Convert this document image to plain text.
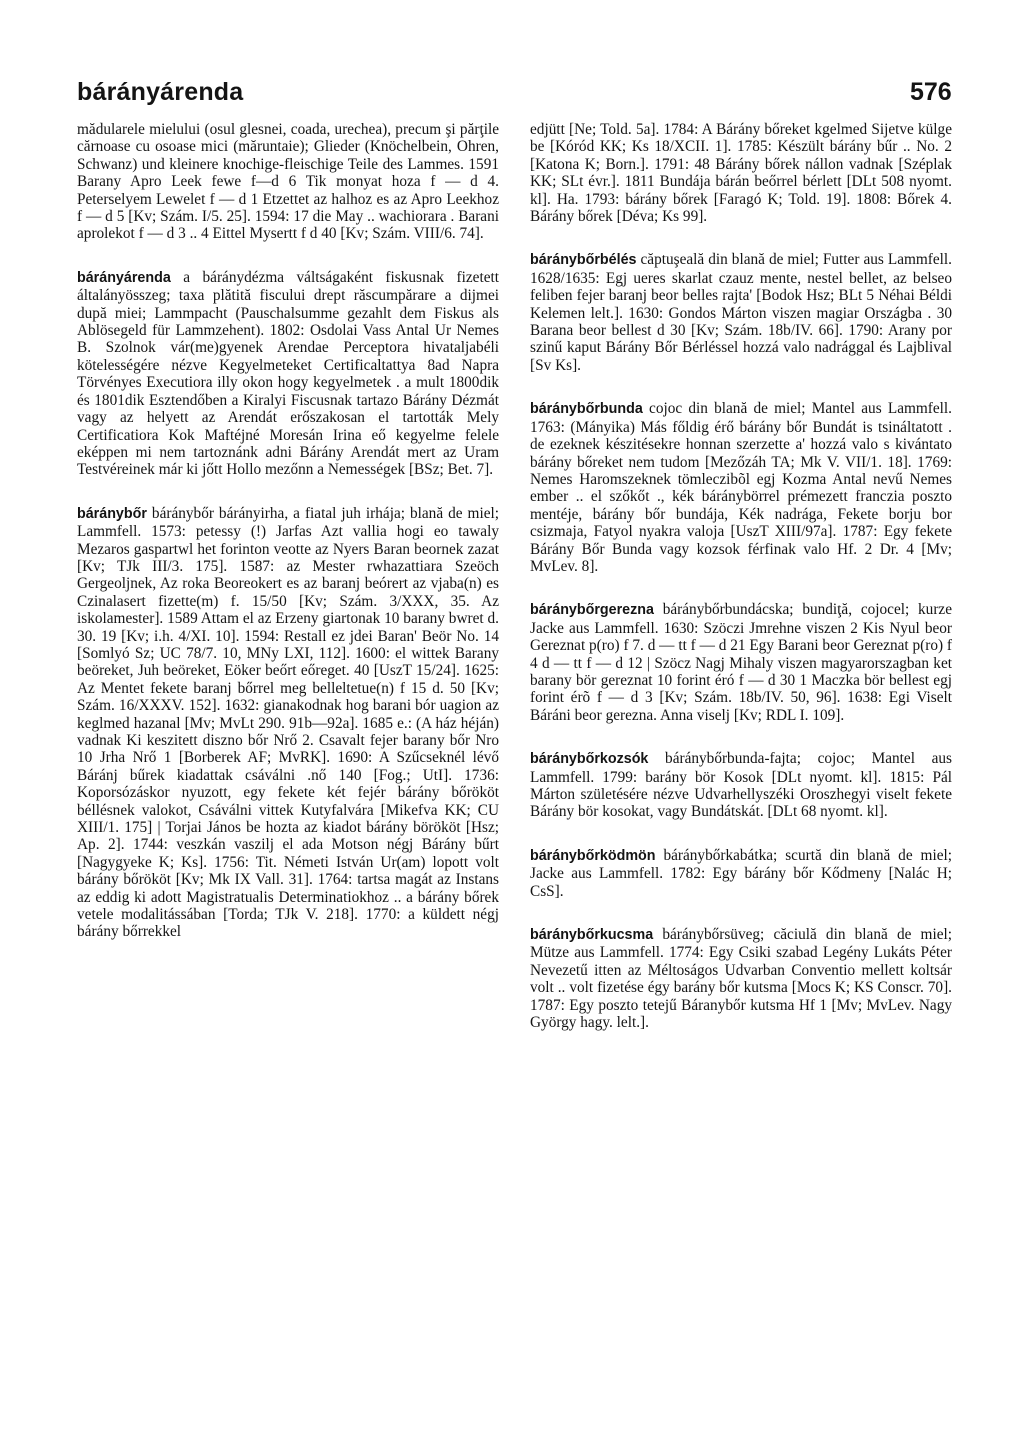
bárányárenda	576

mădularele mielului (osul glesnei, coada, urechea), precum şi părţile cărnoase cu osoase mici (măruntaie); Glieder (Knöchelbein, Ohren, Schwanz) und kleinere knochige-fleischige Teile des Lammes. 1591 Barany Apro Leek fewe f—d 6 Tik monyat hoza f — d 4. Peterselyem Lewelet f — d 1 Etzettet az halhoz es az Apro Leekhoz f — d 5 [Kv; Szám. I/5. 25]. 1594: 17 die May .. wachiorara . Barani aprolekot f — d 3 .. 4 Eittel Mysertt f d 40 [Kv; Szám. VIII/6. 74].

bárányárenda a báránydézma váltságaként fiskusnak fizetett általányösszeg; taxa plătită fiscului drept răscumpărare a dijmei după miei; Lammpacht (Pauschalsumme gezahlt dem Fiskus als Ablösegeld für Lammzehent). 1802: Osdolai Vass Antal Ur Nemes B. Szolnok vár(me)gyenek Arendae Perceptora hivataljabéli kötelességére nézve Kegyelmeteket Certificaltattya 8ad Napra Törvényes Executiora illy okon hogy kegyelmetek . a mult 1800dik és 1801dik Esztendőben a Kiralyi Fiscusnak tartazo Bárány Dézmát vagy az helyett az Arendát erőszakosan el tartották Mely Certificatiora Kok Maftéjné Moresán Irina eő kegyelme felele eképpen mi nem tartoznánk adni Bárány Arendát mert az Uram Testvéreinek már ki jőtt Hollo mezőnn a Nemességek [BSz; Bet. 7].

báránybőr báránybőr bárányirha, a fiatal juh irhája; blană de miel; Lammfell. 1573: petessy (!) Jarfas Azt vallia hogi eo tawaly Mezaros gaspartwl het forinton veotte az Nyers Baran beornek zazat [Kv; TJk III/3. 175]. 1587: az Mester rwhazattiara Szeöch Gergeoljnek, Az roka Beoreokert es az baranj beórert az vjaba(n) es Czinalasert fizette(m) f. 15/50 [Kv; Szám. 3/XXX, 35. Az iskolamester]. 1589 Attam el az Erzeny giartonak 10 barany bwret d. 30. 19 [Kv; i.h. 4/XI. 10]. 1594: Restall ez jdei Baran' Beör No. 14 [Somlyó Sz; UC 78/7. 10, MNy LXI, 112]. 1600: el wittek Barany beöreket, Juh beöreket, Eöker beőrt eőreget. 40 [UszT 15/24]. 1625: Az Mentet fekete baranj bőrrel meg belleltetue(n) f 15 d. 50 [Kv; Szám. 16/XXXV. 152]. 1632: gianakodnak hog barani bór uagion az keglmed hazanal [Mv; MvLt 290. 91b—92a]. 1685 e.: (A ház héján) vadnak Ki keszitett diszno bőr Nrő 2. Csavalt fejer barany bőr Nro 10 Jrha Nrő 1 [Borberek AF; MvRK]. 1690: A Szűcseknél lévő Báránj bűrek kiadattak csáválni .nő 140 [Fog.; UtI]. 1736: Koporsózáskor nyuzott, egy fekete két fejér bárány bőrököt béllésnek valokot, Csáválni vittek Kutyfalvára [Mikefva KK; CU XIII/1. 175] | Torjai János be hozta az kiadot bárány börököt [Hsz; Ap. 2]. 1744: veszkán vaszilj el ada Motson négj Bárány bűrt [Nagygyeke K; Ks]. 1756: Tit. Németi István Ur(am) lopott volt bárány bőrököt [Kv; Mk IX Vall. 31]. 1764: tartsa magát az Instans az eddig ki adott Magistratualis Determinatiokhoz .. a bárány bőrek vetele modalitássában [Torda; TJk V. 218]. 1770: a küldett négj bárány bőrrekkel

edjütt [Ne; Told. 5a]. 1784: A Bárány bőreket kgelmed Sijetve külge be [Kóród KK; Ks 18/XCII. 1]. 1785: Készült bárány bűr .. No. 2 [Katona K; Born.]. 1791: 48 Bárány bőrek nállon vadnak [Széplak KK; SLt évr.]. 1811 Bundája bárán beőrrel bérlett [DLt 508 nyomt. kl]. Ha. 1793: bárány bőrek [Faragó K; Told. 19]. 1808: Bőrek 4. Bárány bőrek [Déva; Ks 99].

báránybőrbélés căptuşeală din blană de miel; Futter aus Lammfell. 1628/1635: Egj ueres skarlat czauz mente, nestel bellet, az belseo feliben fejer baranj beor belles rajta' [Bodok Hsz; BLt 5 Néhai Béldi Kelemen lelt.]. 1630: Gondos Márton viszen magiar Országba . 30 Barana beor bellest d 30 [Kv; Szám. 18b/IV. 66]. 1790: Arany por szinű kaput Bárány Bőr Bérléssel hozzá valo nadrággal és Lajblival [Sv Ks].

báránybőrbunda cojoc din blană de miel; Mantel aus Lammfell. 1763: (Mányika) Más főldig érő bárány bőr Bundát is tsináltatott . de ezeknek készitésekre honnan szerzette a' hozzá valo s kivántato bárány bőreket nem tudom [Mezőzáh TA; Mk V. VII/1. 18]. 1769: Nemes Haromszeknek tömleczibõl egj Kozma Antal nevű Nemes ember .. el szőkőt ., kék báránybörrel prémezett franczia poszto mentéje, bárány bőr bundája, Kék nadrága, Fekete borju bor csizmaja, Fatyol nyakra valoja [UszT XIII/97a]. 1787: Egy fekete Bárány Bőr Bunda vagy kozsok férfinak valo Hf. 2 Dr. 4 [Mv; MvLev. 8].

báránybőrgerezna báránybőrbundácska; bundiţă, cojocel; kurze Jacke aus Lammfell. 1630: Szöczi Jmrehne viszen 2 Kis Nyul beor Gereznat p(ro) f 7. d — tt f — d 21 Egy Barani beor Gereznat p(ro) f 4 d — tt f — d 12 | Szöcz Nagj Mihaly viszen magyarorszagban ket barany bör gereznat 10 forint éró f — d 30 1 Maczka bör bellest egj forint érõ f — d 3 [Kv; Szám. 18b/IV. 50, 96]. 1638: Egi Viselt Báráni beor gerezna. Anna viselj [Kv; RDL I. 109].

báránybőrkozsók báránybőrbunda-fajta; cojoc; Mantel aus Lammfell. 1799: barány bör Kosok [DLt nyomt. kl]. 1815: Pál Márton születésére nézve Udvarhellyszéki Oroszhegyi viselt fekete Bárány bör kosokat, vagy Bundátskát. [DLt 68 nyomt. kl].

báránybőrködmön báránybőrkabátka; scurtă din blană de miel; Jacke aus Lammfell. 1782: Egy bárány bőr Kődmeny [Nalác H; CsS].

báránybőrkucsma báránybőrsüveg; căciulă din blană de miel; Mütze aus Lammfell. 1774: Egy Csiki szabad Legény Lukáts Péter Nevezetű itten az Méltoságos Udvarban Conventio mellett koltsár volt .. volt fizetése égy barány bőr kutsma [Mocs K; KS Conscr. 70]. 1787: Egy poszto tetejű Báranybőr kutsma Hf 1 [Mv; MvLev. Nagy György hagy. lelt.].
